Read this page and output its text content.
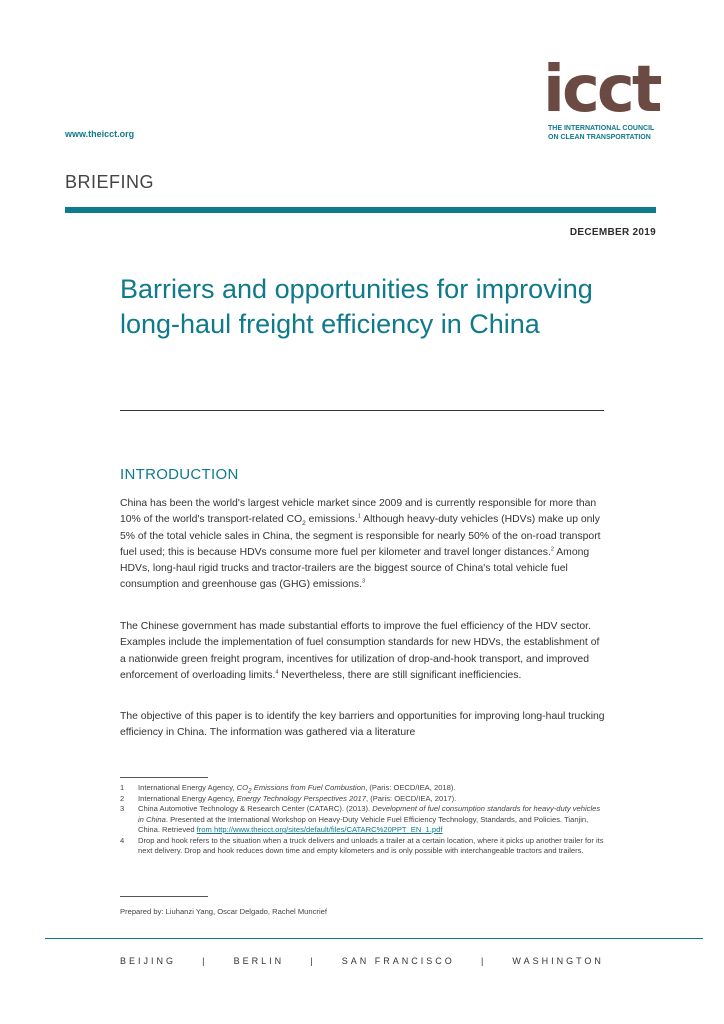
icct
THE INTERNATIONAL COUNCIL ON CLEAN TRANSPORTATION
www.theicct.org
BRIEFING
DECEMBER 2019
Barriers and opportunities for improving long-haul freight efficiency in China
INTRODUCTION

China has been the world's largest vehicle market since 2009 and is currently responsible for more than 10% of the world's transport-related $CO_2$ emissions.$^1$ Although heavy-duty vehicles (HDVs) make up only 5% of the total vehicle sales in China, the segment is responsible for nearly 50% of the on-road transport fuel used; this is because HDVs consume more fuel per kilometer and travel longer distances.$^2$ Among HDVs, long-haul rigid trucks and tractor-trailers are the biggest source of China's total vehicle fuel consumption and greenhouse gas (GHG) emissions.$^3$

The Chinese government has made substantial efforts to improve the fuel efficiency of the HDV sector. Examples include the implementation of fuel consumption standards for new HDVs, the establishment of a nationwide green freight program, incentives for utilization of drop-and-hook transport, and improved enforcement of overloading limits.$^4$ Nevertheless, there are still significant inefficiencies.

The objective of this paper is to identify the key barriers and opportunities for improving long-haul trucking efficiency in China. The information was gathered via a literature

1 International Energy Agency, CO2 Emissions from Fuel Combustion, (Paris: OECD/IEA, 2018).
2 International Energy Agency, Energy Technology Perspectives 2017, (Paris: OECD/IEA, 2017).
3 China Automotive Technology & Research Center (CATARC). (2013). Development of fuel consumption standards for heavy-duty vehicles in China. Presented at the International Workshop on Heavy-Duty Vehicle Fuel Efficiency Technology, Standards, and Policies. Tianjin, China. Retrieved from http://www.theicct.org/sites/default/files/CATARC%20PPT_EN_1.pdf
4 Drop and hook refers to the situation when a truck delivers and unloads a trailer at a certain location, where it picks up another trailer for its next delivery. Drop and hook reduces down time and empty kilometers and is only possible with interchangeable tractors and trailers.
Prepared by: Liuhanzi Yang, Oscar Delgado, Rachel Muncrief
BEIJING	|	BERLIN	|	SAN FRANCISCO	|	WASHINGTON
